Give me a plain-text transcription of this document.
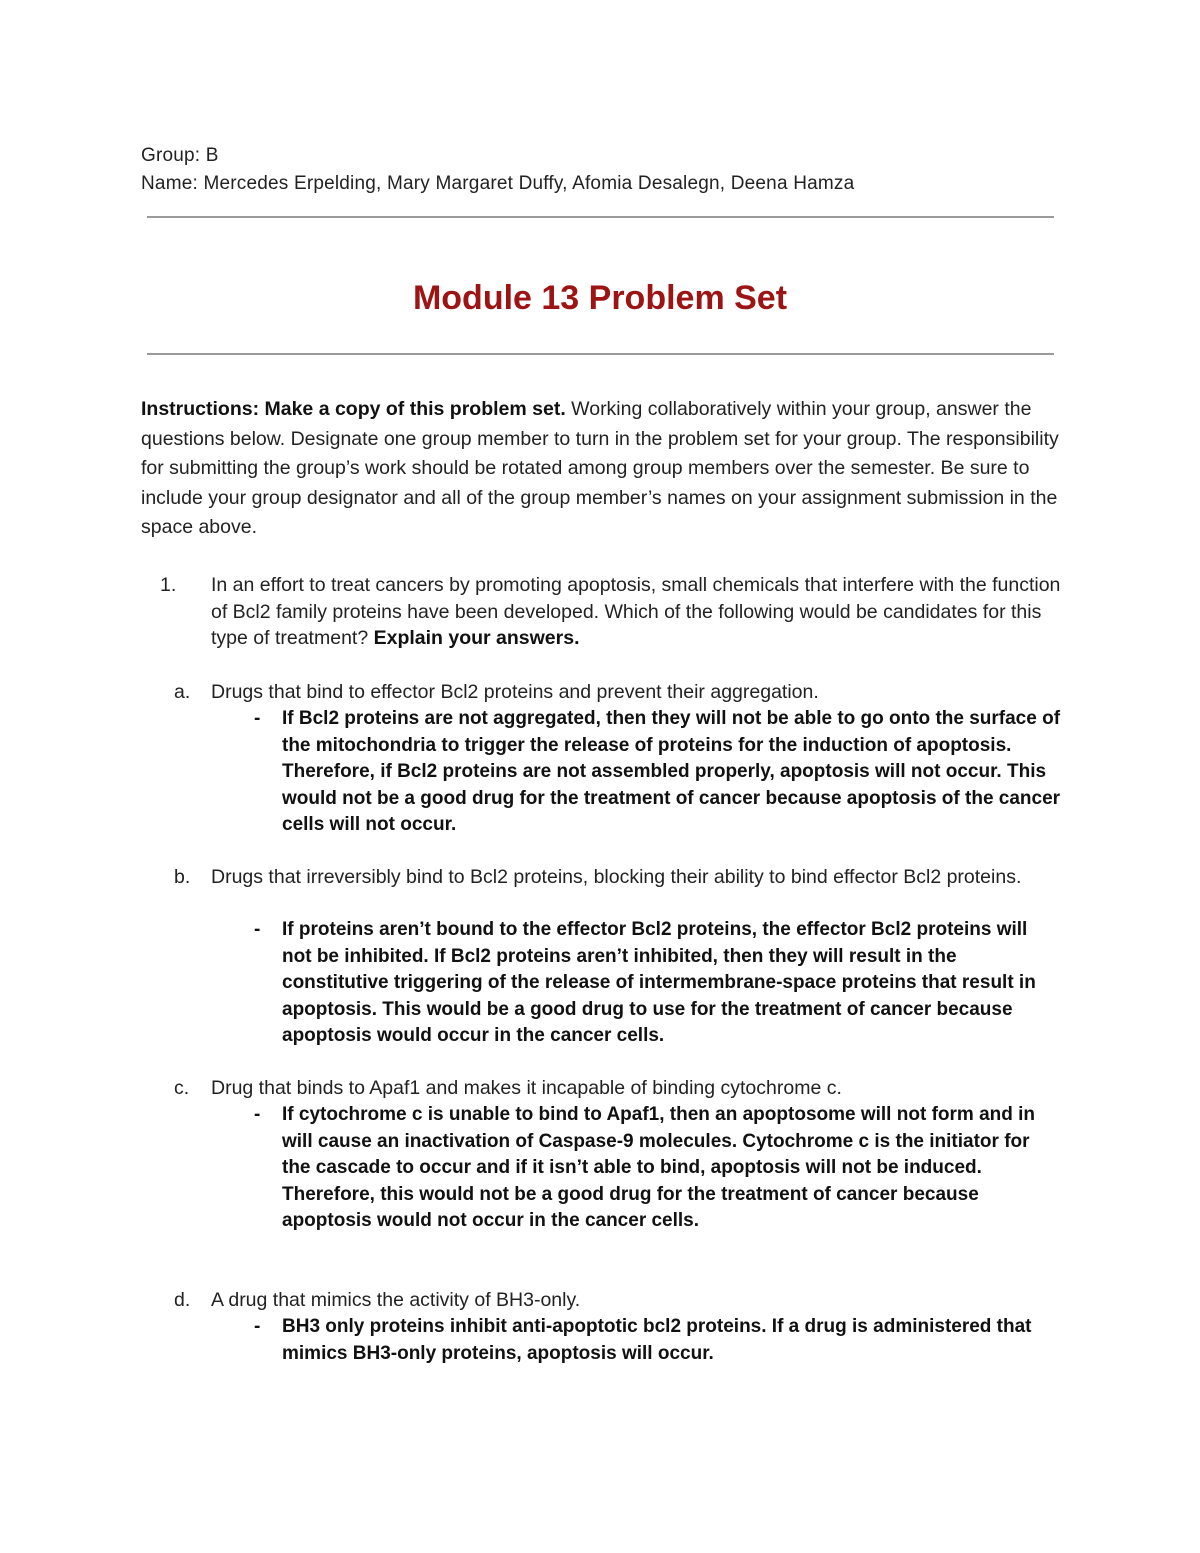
Group: B
Name: Mercedes Erpelding, Mary Margaret Duffy, Afomia Desalegn, Deena Hamza
Module 13 Problem Set

Instructions: Make a copy of this problem set. Working collaboratively within your group, answer the questions below. Designate one group member to turn in the problem set for your group. The responsibility for submitting the group’s work should be rotated among group members over the semester. Be sure to include your group designator and all of the group member’s names on your assignment submission in the space above.

1. In an effort to treat cancers by promoting apoptosis, small chemicals that interfere with the function of Bcl2 family proteins have been developed. Which of the following would be candidates for this type of treatment? Explain your answers.
a. Drugs that bind to effector Bcl2 proteins and prevent their aggregation.
- If Bcl2 proteins are not aggregated, then they will not be able to go onto the surface of the mitochondria to trigger the release of proteins for the induction of apoptosis. Therefore, if Bcl2 proteins are not assembled properly, apoptosis will not occur. This would not be a good drug for the treatment of cancer because apoptosis of the cancer cells will not occur.
b. Drugs that irreversibly bind to Bcl2 proteins, blocking their ability to bind effector Bcl2 proteins.
- If proteins aren’t bound to the effector Bcl2 proteins, the effector Bcl2 proteins will not be inhibited. If Bcl2 proteins aren’t inhibited, then they will result in the constitutive triggering of the release of intermembrane-space proteins that result in apoptosis. This would be a good drug to use for the treatment of cancer because apoptosis would occur in the cancer cells.
c. Drug that binds to Apaf1 and makes it incapable of binding cytochrome c.
- If cytochrome c is unable to bind to Apaf1, then an apoptosome will not form and in will cause an inactivation of Caspase-9 molecules. Cytochrome c is the initiator for the cascade to occur and if it isn’t able to bind, apoptosis will not be induced. Therefore, this would not be a good drug for the treatment of cancer because apoptosis would not occur in the cancer cells.
d. A drug that mimics the activity of BH3-only.
- BH3 only proteins inhibit anti-apoptotic bcl2 proteins. If a drug is administered that mimics BH3-only proteins, apoptosis will occur.
